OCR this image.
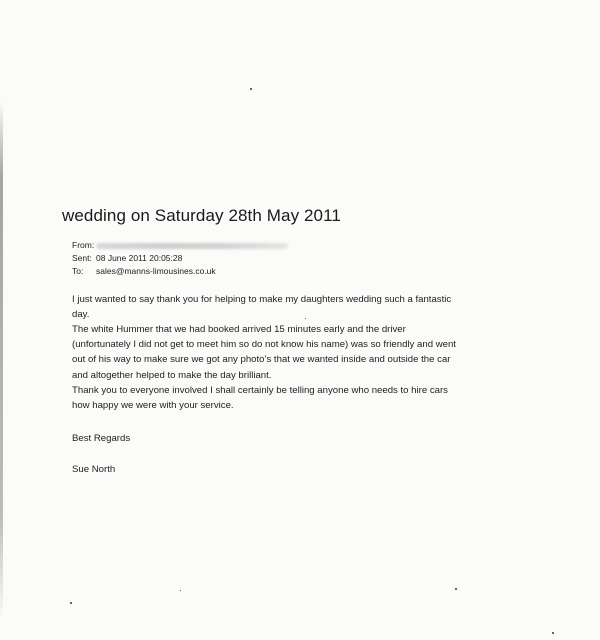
wedding on Saturday 28th May 2011
From:
Sent: 08 June 2011 20:05:28
To: sales@manns-limousines.co.uk
I just wanted to say thank you for helping to make my daughters wedding such a fantastic
day.
The white Hummer that we had booked arrived 15 minutes early and the driver
(unfortunately I did not get to meet him so do not know his name) was so friendly and went
out of his way to make sure we got any photo’s that we wanted inside and outside the car
and altogether helped to make the day brilliant.
Thank you to everyone involved I shall certainly be telling anyone who needs to hire cars
how happy we were with your service.
Best Regards
Sue North
